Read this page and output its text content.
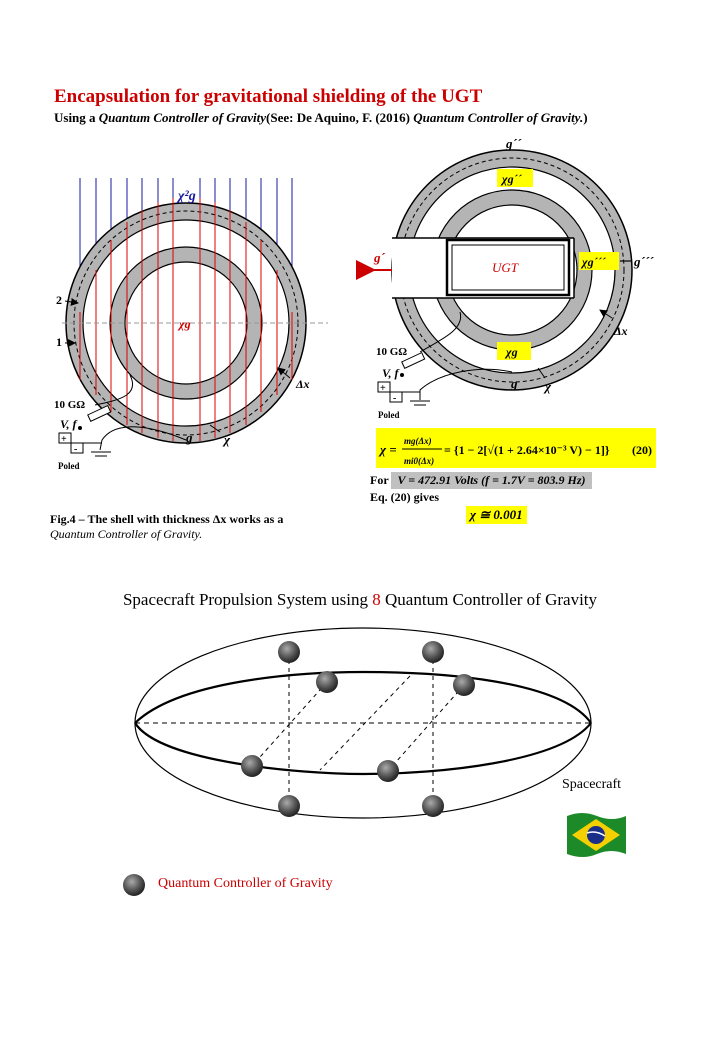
Encapsulation for gravitational shielding of the UGT
Using a Quantum Controller of Gravity(See: De Aquino, F. (2016) Quantum Controller of Gravity.)
χ²g
χg
2
1
Δx
10 GΩ
V, f
+
-
Poled
g χ
UGT
g´´
χg´´
χg´´´ g´´´
g´
χg
Δx
10 GΩ
V, f
+
-
Poled
g χ
χ =
mg(Δx)
mi0(Δx)
= {1 − 2[√(1 + 2.64×10⁻³ V) − 1]} (20)
For V = 472.91 Volts (f = 1.7V = 803.9 Hz)
Eq. (20) gives
χ ≅ 0.001
Fig.4 – The shell with thickness Δx works as a
Quantum Controller of Gravity.
Spacecraft Propulsion System using 8 Quantum Controller of Gravity
Spacecraft
Quantum Controller of Gravity
